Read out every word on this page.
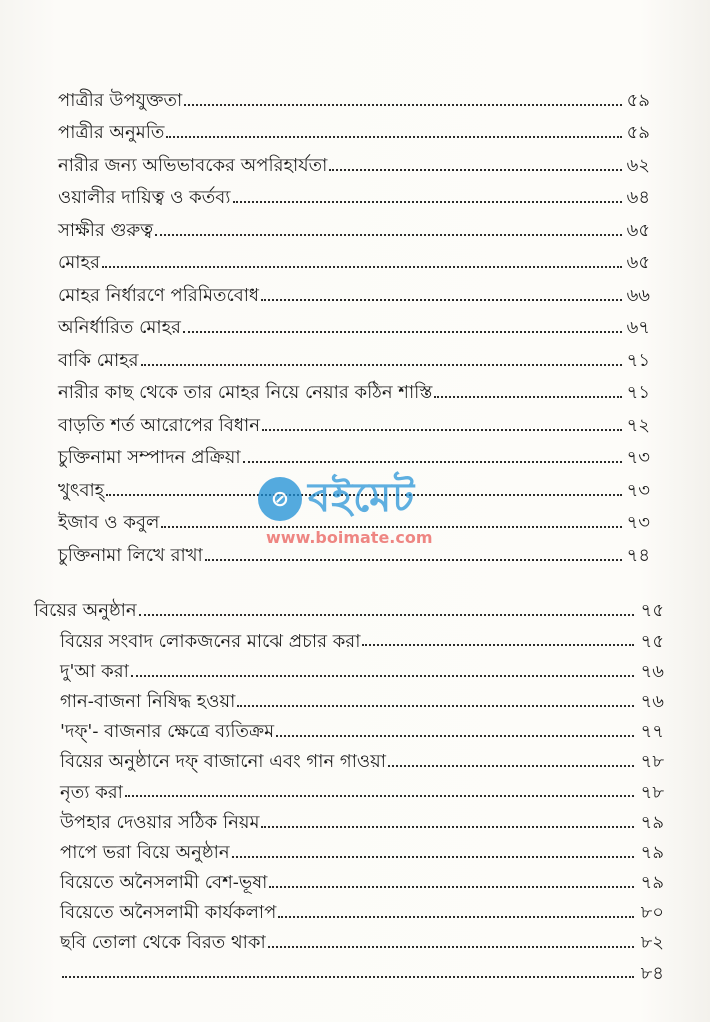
পাত্রীর উপযুক্ততা	৫৯
পাত্রীর অনুমতি	৫৯
নারীর জন্য অভিভাবকের অপরিহার্যতা	৬২
ওয়ালীর দায়িত্ব ও কর্তব্য	৬৪
সাক্ষীর গুরুত্ব	৬৫
মোহর	৬৫
মোহর নির্ধারণে পরিমিতবোধ	৬৬
অনির্ধারিত মোহর	৬৭
বাকি মোহর	৭১
নারীর কাছ থেকে তার মোহর নিয়ে নেয়ার কঠিন শাস্তি	৭১
বাড়তি শর্ত আরোপের বিধান	৭২
চুক্তিনামা সম্পাদন প্রক্রিয়া	৭৩
খুৎবাহ্	৭৩
ইজাব ও কবুল	৭৩
চুক্তিনামা লিখে রাখা	৭৪
বিয়ের অনুষ্ঠান	৭৫
বিয়ের সংবাদ লোকজনের মাঝে প্রচার করা	৭৫
দু'আ করা	৭৬
গান-বাজনা নিষিদ্ধ হওয়া	৭৬
'দফ্'- বাজনার ক্ষেত্রে ব্যতিক্রম	৭৭
বিয়ের অনুষ্ঠানে দফ্ বাজানো এবং গান গাওয়া	৭৮
নৃত্য করা	৭৮
উপহার দেওয়ার সঠিক নিয়ম	৭৯
পাপে ভরা বিয়ে অনুষ্ঠান	৭৯
বিয়েতে অনৈসলামী বেশ-ভূষা	৭৯
বিয়েতে অনৈসলামী কার্যকলাপ	৮০
ছবি তোলা থেকে বিরত থাকা	৮২
৮৪
⊘ বইমেট
www.boimate.com
